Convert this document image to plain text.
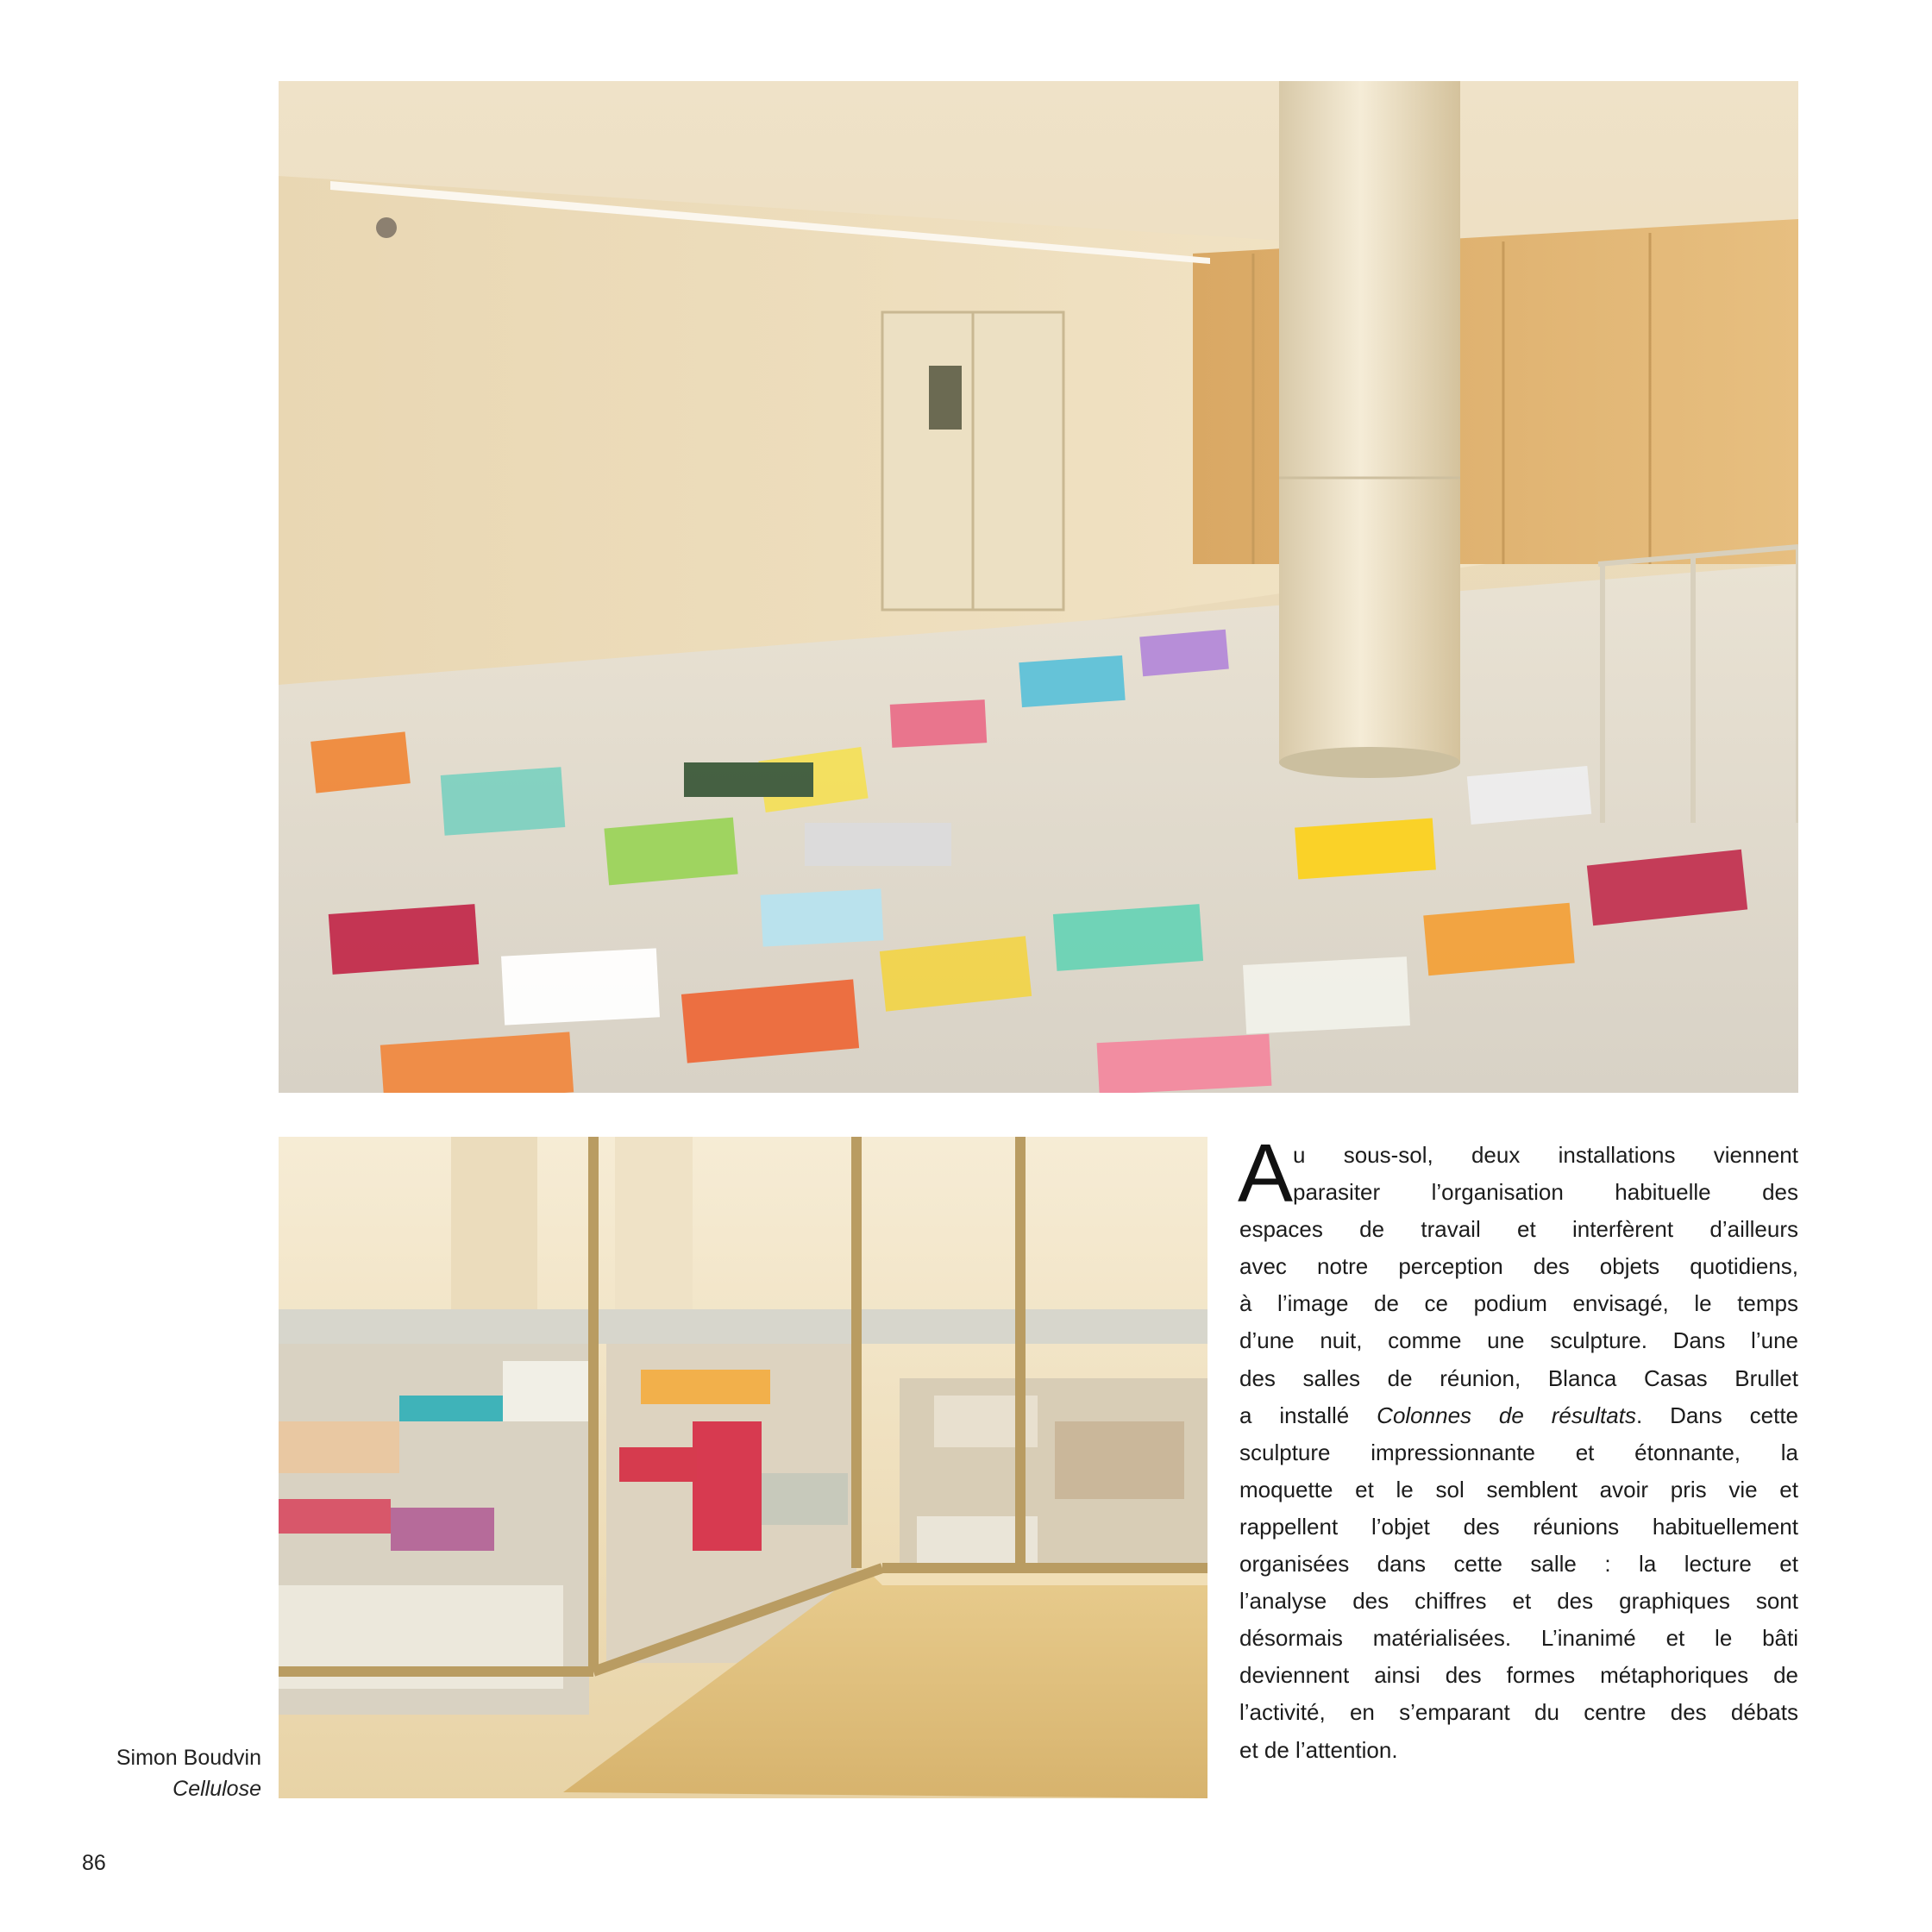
Simon Boudvin
Cellulose
A u sous-sol, deux installations viennent
parasiter l’organisation habituelle des
espaces de travail et interfèrent d’ailleurs
avec notre perception des objets quotidiens,
à l’image de ce podium envisagé, le temps
d’une nuit, comme une sculpture. Dans l’une
des salles de réunion, Blanca Casas Brullet
a installé Colonnes de résultats. Dans cette
sculpture impressionnante et étonnante, la
moquette et le sol semblent avoir pris vie et
rappellent l’objet des réunions habituellement
organisées dans cette salle : la lecture et
l’analyse des chiffres et des graphiques sont
désormais matérialisées. L’inanimé et le bâti
deviennent ainsi des formes métaphoriques de
l’activité, en s’emparant du centre des débats
et de l’attention.
86
